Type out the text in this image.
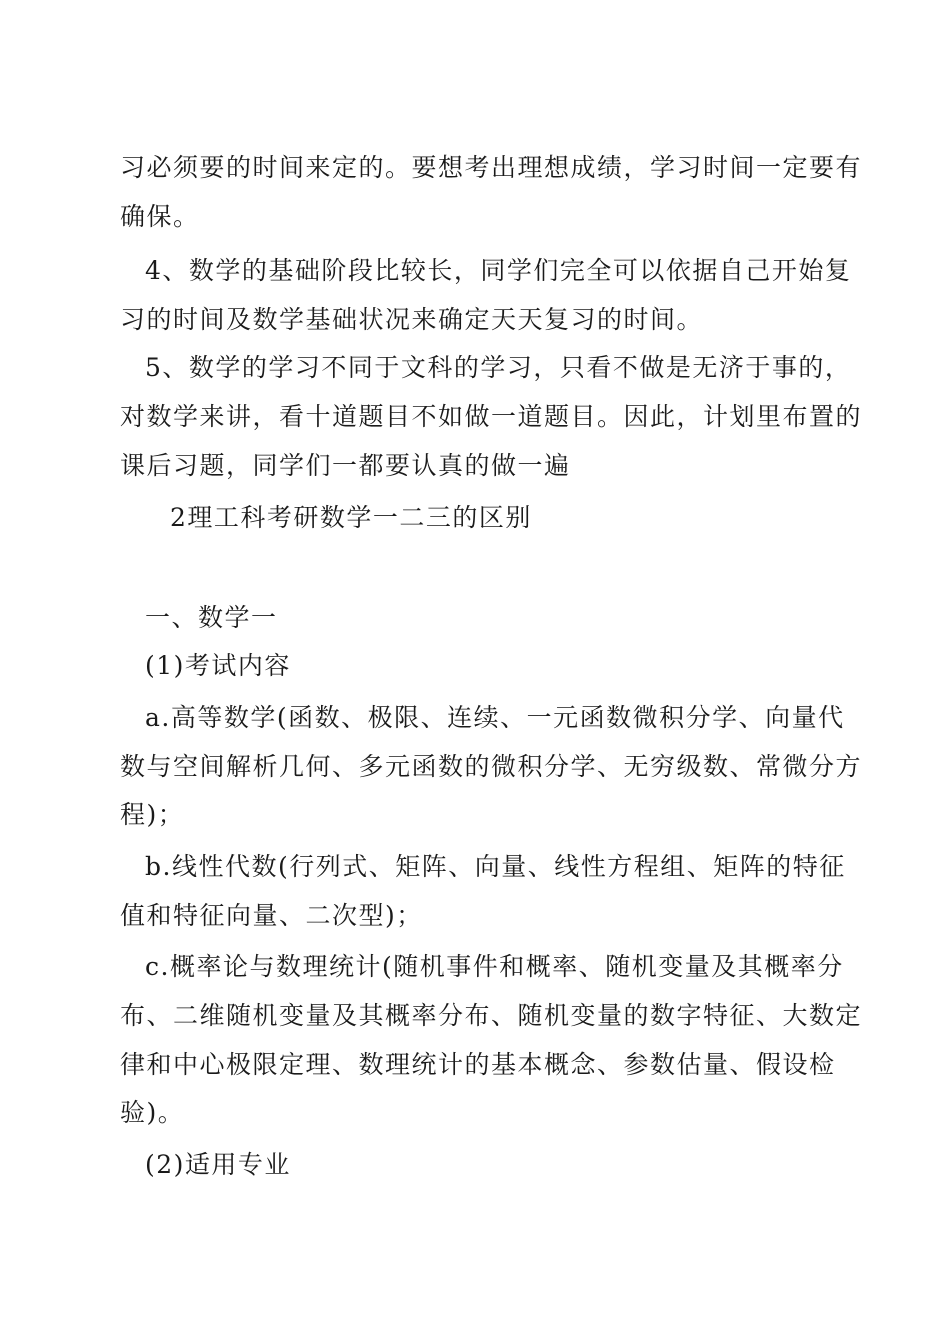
习必须要的时间来定的。要想考出理想成绩，学习时间一定要有
确保。
4、数学的基础阶段比较长，同学们完全可以依据自己开始复
习的时间及数学基础状况来确定天天复习的时间。
5、数学的学习不同于文科的学习，只看不做是无济于事的，
对数学来讲，看十道题目不如做一道题目。因此，计划里布置的
课后习题，同学们一都要认真的做一遍
2理工科考研数学一二三的区别
一、数学一
(1)考试内容
a.高等数学(函数、极限、连续、一元函数微积分学、向量代
数与空间解析几何、多元函数的微积分学、无穷级数、常微分方
程)；
b.线性代数(行列式、矩阵、向量、线性方程组、矩阵的特征
值和特征向量、二次型)；
c.概率论与数理统计(随机事件和概率、随机变量及其概率分
布、二维随机变量及其概率分布、随机变量的数字特征、大数定
律和中心极限定理、数理统计的基本概念、参数估量、假设检
验)。
(2)适用专业
